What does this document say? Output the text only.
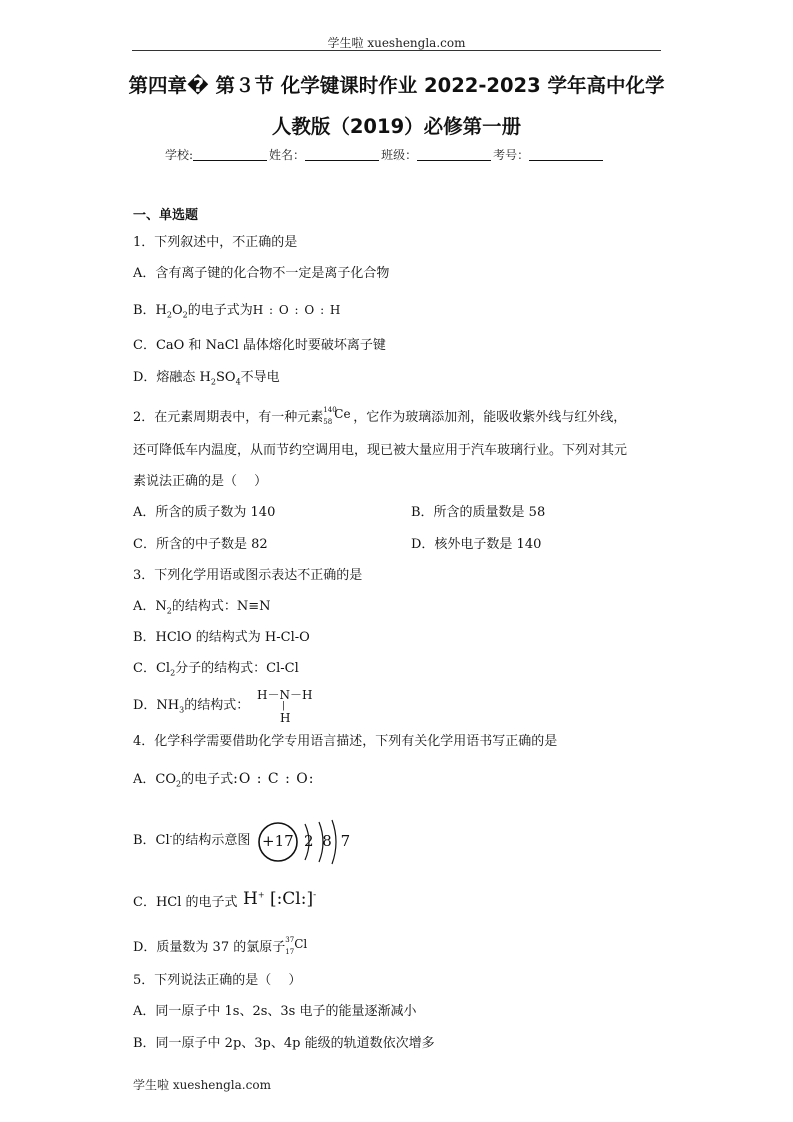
学生啦 xueshengla.com
第四章� 第３节 化学键课时作业 2022-2023 学年高中化学
人教版（2019）必修第一册
学校:	姓名：	班级：	考号：
一、单选题
1．下列叙述中，不正确的是
A．含有离子键的化合物不一定是离子化合物
B．$H_2O_2$的电子式为H : O : O : H
C．CaO 和 NaCl 晶体熔化时要破坏离子键
D．熔融态 $H_2SO_4$不导电
2．在元素周期表中，有一种元素 140
58
Ce ，它作为玻璃添加剂，能吸收紫外线与红外线，
还可降低车内温度，从而节约空调用电，现已被大量应用于汽车玻璃行业。下列对其元
素说法正确的是（　 ）
A．所含的质子数为 140	B．所含的质量数是 58
C．所含的中子数是 82	D．核外电子数是 140
3．下列化学用语或图示表达不正确的是
A．$N_2$的结构式：N≡N
B．HClO 的结构式为 H-Cl-O
C．$Cl_2$分子的结构式：Cl-Cl
D．$NH_3$的结构式：
H－N－H
|
H
4．化学科学需要借助化学专用语言描述，下列有关化学用语书写正确的是
A．$CO_2$的电子式:O : C : O:
B．Cl-的结构示意图 +17 2 8 7
C．HCl 的电子式 H+ [:Cl:]-
D．质量数为 37 的氯原子 37
17
Cl
5．下列说法正确的是（　 ）
A．同一原子中 1s、2s、3s 电子的能量逐渐减小
B．同一原子中 2p、3p、4p 能级的轨道数依次增多
学生啦 xueshengla.com
